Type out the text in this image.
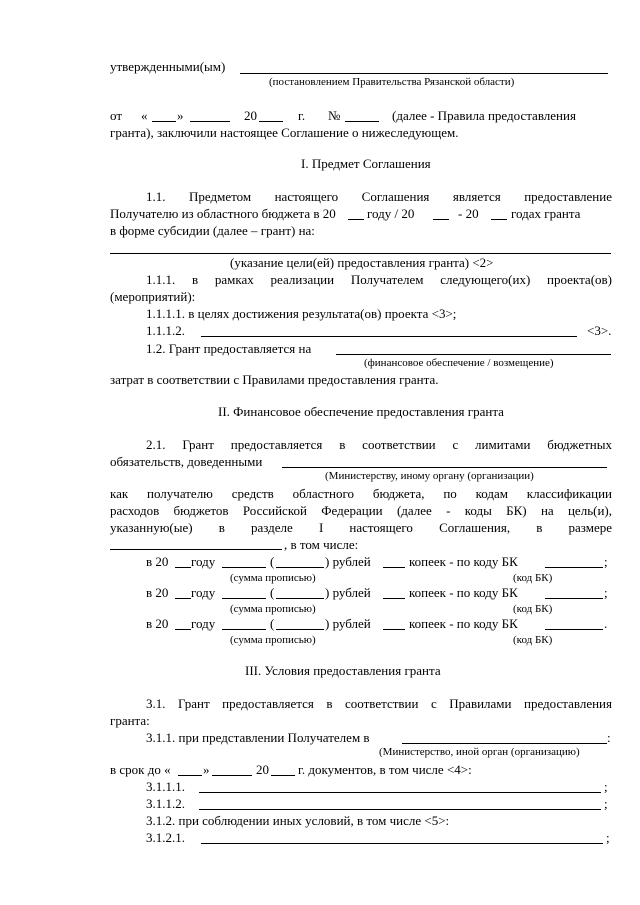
утвержденными(ым)
(постановлением Правительства Рязанской области)
от « »	20	г. №	(далее - Правила предоставления
гранта), заключили настоящее Соглашение о нижеследующем.
I. Предмет Соглашения
1.1. Предметом настоящего Соглашения является предоставление
Получателю из областного бюджета в 20 году / 20	- 20 годах гранта
в форме субсидии (далее – грант) на:
(указание цели(ей) предоставления гранта) <2>
1.1.1. в рамках реализации Получателем следующего(их) проекта(ов)
(мероприятий):
1.1.1.1. в целях достижения результата(ов) проекта <3>;
1.1.1.2.	<3>.
1.2. Грант предоставляется на
(финансовое обеспечение / возмещение)
затрат в соответствии с Правилами предоставления гранта.
II. Финансовое обеспечение предоставления гранта
2.1. Грант предоставляется в соответствии с лимитами бюджетных
обязательств, доведенными
(Министерству, иному органу (организации)
как получателю средств областного бюджета, по кодам классификации
расходов бюджетов Российской Федерации (далее - коды БК) на цель(и),
указанную(ые) в разделе I настоящего Соглашения, в размере
, в том числе:
в 20 году	(	) рублей	копеек - по коду БК	;
(сумма прописью)	(код БК)
в 20 году	(	) рублей	копеек - по коду БК	;
(сумма прописью)	(код БК)
в 20 году	(	) рублей	копеек - по коду БК	.
(сумма прописью)	(код БК)
III. Условия предоставления гранта
3.1. Грант предоставляется в соответствии с Правилами предоставления
гранта:
3.1.1. при представлении Получателем в	:
(Министерство, иной орган (организацию)
в срок до « »	20 г. документов, в том числе <4>:
3.1.1.1.	;
3.1.1.2.	;
3.1.2. при соблюдении иных условий, в том числе <5>:
3.1.2.1.	;
